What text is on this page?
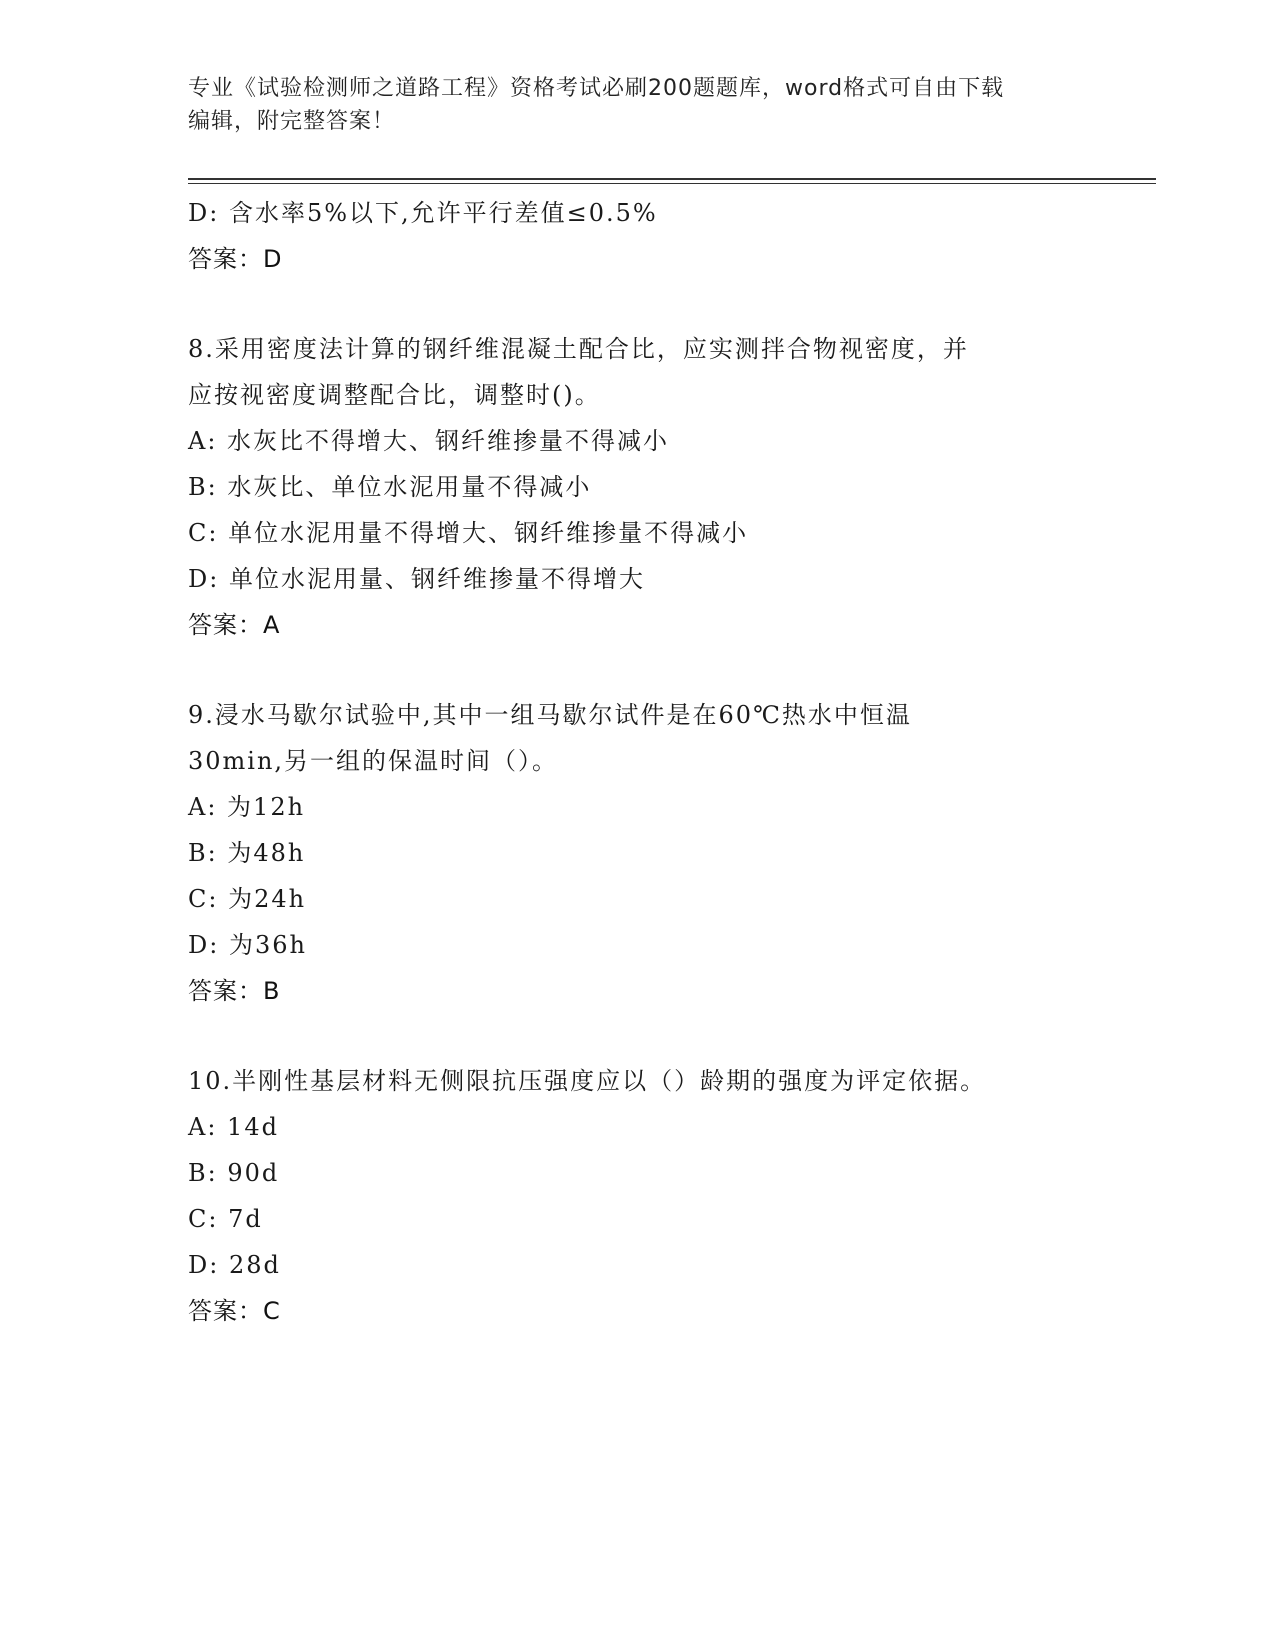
专业《试验检测师之道路工程》资格考试必刷200题题库，word格式可自由下载
编辑，附完整答案！
D: 含水率5%以下,允许平行差值≤0.5%
答案：D
8.采用密度法计算的钢纤维混凝土配合比，应实测拌合物视密度，并
应按视密度调整配合比，调整时()。
A: 水灰比不得增大、钢纤维掺量不得减小
B: 水灰比、单位水泥用量不得减小
C: 单位水泥用量不得增大、钢纤维掺量不得减小
D: 单位水泥用量、钢纤维掺量不得增大
答案：A
9.浸水马歇尔试验中,其中一组马歇尔试件是在60℃热水中恒温
30min,另一组的保温时间（）。
A: 为12h
B: 为48h
C: 为24h
D: 为36h
答案：B
10.半刚性基层材料无侧限抗压强度应以（）龄期的强度为评定依据。
A: 14d
B: 90d
C: 7d
D: 28d
答案：C
